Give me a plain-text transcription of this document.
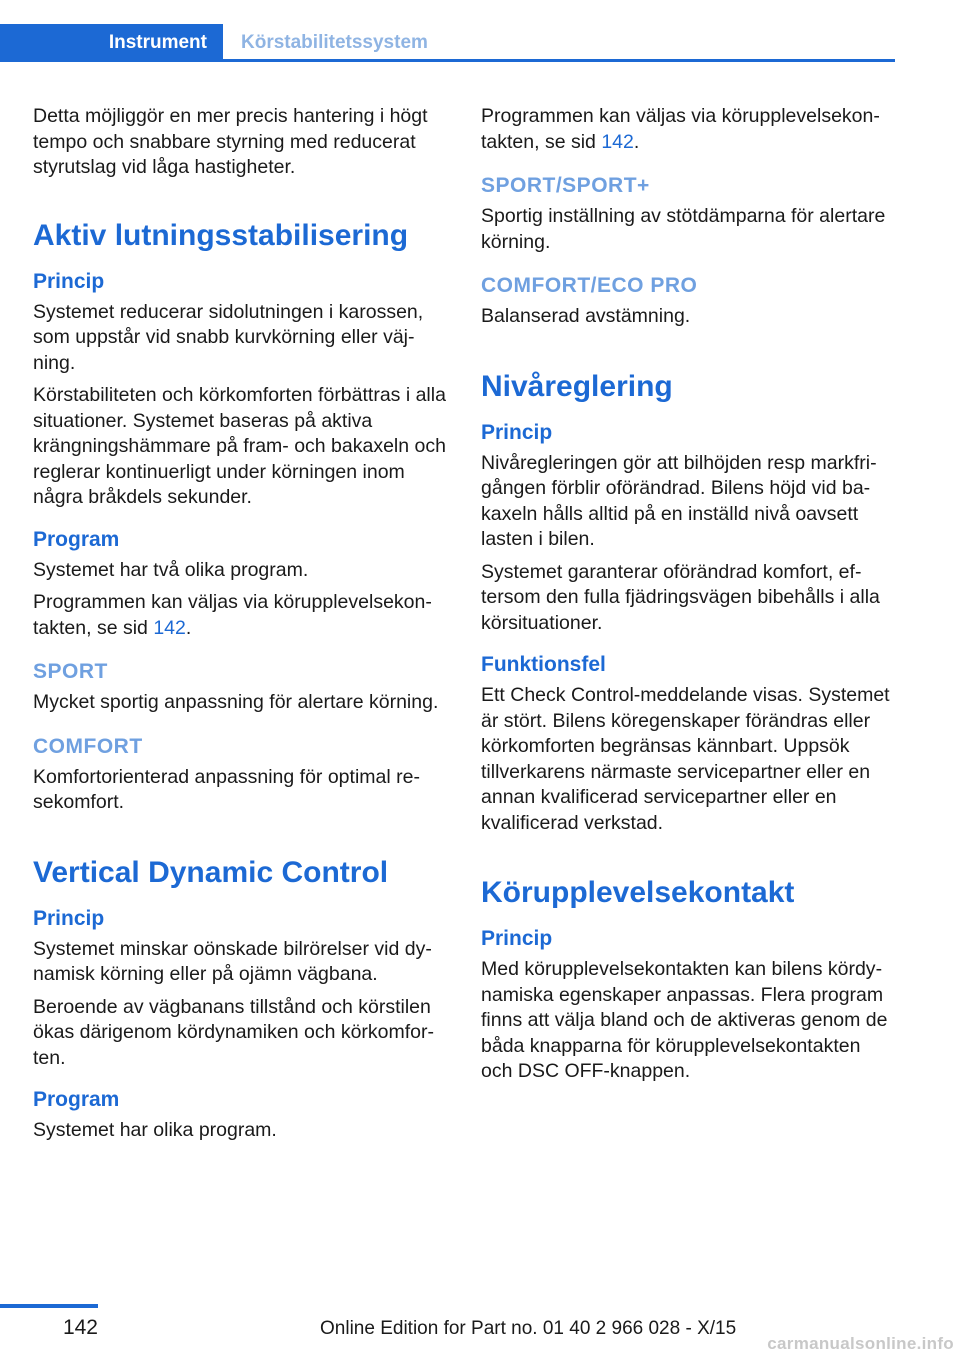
Instrument	Körstabilitetssystem

Detta möjliggör en mer precis hantering i högt tempo och snabbare styrning med reducerat styrutslag vid låga hastigheter.

Aktiv lutningsstabilisering
Princip

Systemet reducerar sidolutningen i karossen, som uppstår vid snabb kurvkörning eller väjning.

Körstabiliteten och körkomforten förbättras i alla situationer. Systemet baseras på aktiva krängningshämmare på fram- och bakaxeln och reglerar kontinuerligt under körningen inom några bråkdels sekunder.

Program

Systemet har två olika program.

Programmen kan väljas via körupplevelsekontakten, se sid 142.

SPORT

Mycket sportig anpassning för alertare körning.

COMFORT

Komfortorienterad anpassning för optimal resekomfort.

Vertical Dynamic Control
Princip

Systemet minskar oönskade bilrörelser vid dynamisk körning eller på ojämn vägbana.

Beroende av vägbanans tillstånd och körstilen ökas därigenom kördynamiken och körkomforten.

Program

Systemet har olika program.

Programmen kan väljas via körupplevelsekontakten, se sid 142.

SPORT/SPORT+

Sportig inställning av stötdämparna för alertare körning.

COMFORT/ECO PRO

Balanserad avstämning.

Nivåreglering
Princip

Nivåregleringen gör att bilhöjden resp markfrigången förblir oförändrad. Bilens höjd vid bakaxeln hålls alltid på en inställd nivå oavsett lasten i bilen.

Systemet garanterar oförändrad komfort, eftersom den fulla fjädringsvägen bibehålls i alla körsituationer.

Funktionsfel

Ett Check Control-meddelande visas. Systemet är stört. Bilens köregenskaper förändras eller körkomforten begränsas kännbart. Uppsök tillverkarens närmaste servicepartner eller en annan kvalificerad servicepartner eller en kvalificerad verkstad.

Körupplevelsekontakt
Princip

Med körupplevelsekontakten kan bilens kördynamiska egenskaper anpassas. Flera program finns att välja bland och de aktiveras genom de båda knapparna för körupplevelsekontakten och DSC OFF-knappen.

142	Online Edition for Part no. 01 40 2 966 028 - X/15
carmanualsonline.info
